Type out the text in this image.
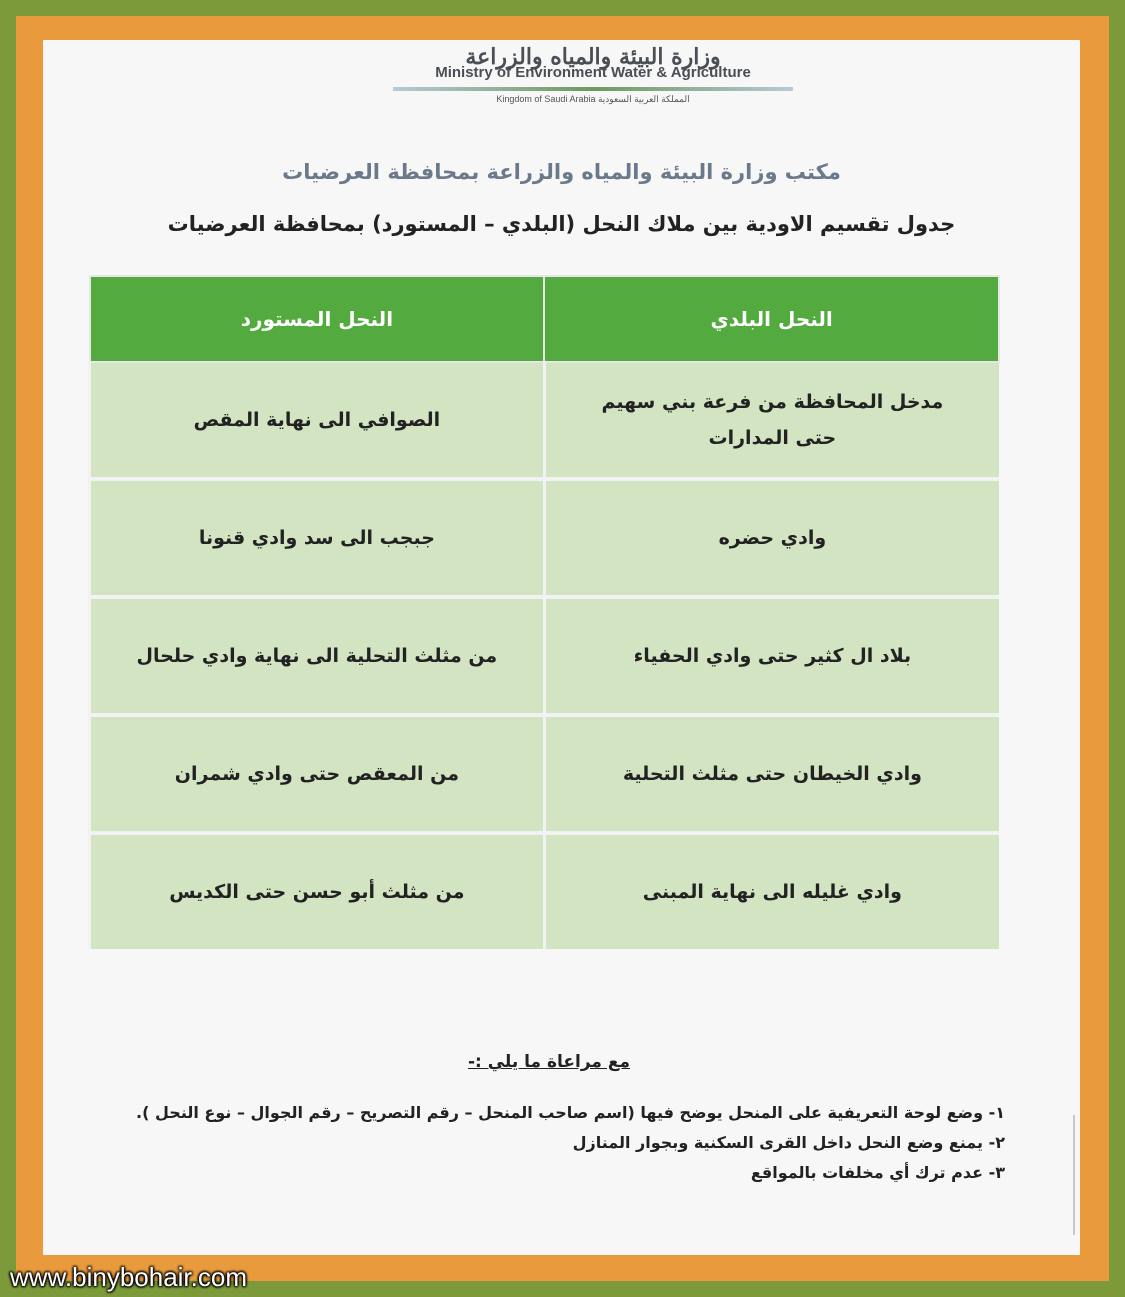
وزارة البيئة والمياه والزراعة
Ministry of Environment Water & Agriculture
Kingdom of Saudi Arabia المملكة العربية السعودية
مكتب وزارة البيئة والمياه والزراعة بمحافظة العرضيات
جدول تقسيم الاودية بين ملاك النحل (البلدي – المستورد) بمحافظة العرضيات
النحل البلدي	النحل المستورد
مدخل المحافظة من فرعة بني سهيم حتى المدارات	الصوافي الى نهاية المقص
وادي حضره	جبجب الى سد وادي قنونا
بلاد ال كثير حتى وادي الحفياء	من مثلث التحلية الى نهاية وادي حلحال
وادي الخيطان حتى مثلث التحلية	من المعقص حتى وادي شمران
وادي غليله الى نهاية المبنى	من مثلث أبو حسن حتى الكديس
مع مراعاة ما يلي :-
١- وضع لوحة التعريفية على المنحل يوضح فيها (اسم صاحب المنحل – رقم التصريح – رقم الجوال – نوع النحل ).
٢- يمنع وضع النحل داخل القرى السكنية وبجوار المنازل
٣- عدم ترك أي مخلفات بالمواقع
www.binybohair.com
